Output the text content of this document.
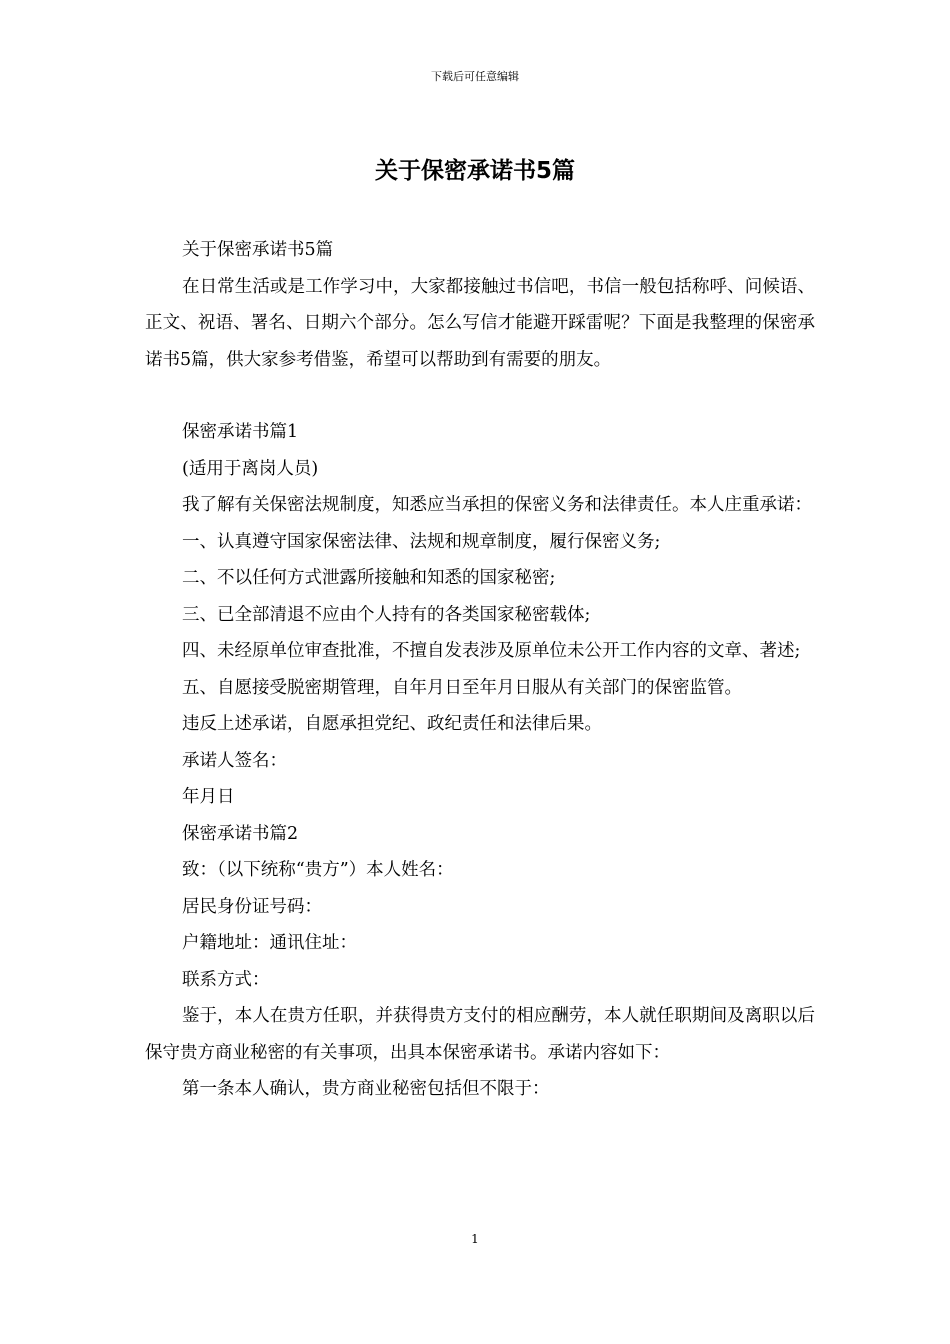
下载后可任意编辑
关于保密承诺书5篇

关于保密承诺书5篇

在日常生活或是工作学习中，大家都接触过书信吧，书信一般包括称呼、问候语、正文、祝语、署名、日期六个部分。怎么写信才能避开踩雷呢？下面是我整理的保密承诺书5篇，供大家参考借鉴，希望可以帮助到有需要的朋友。

保密承诺书篇1

(适用于离岗人员)

我了解有关保密法规制度，知悉应当承担的保密义务和法律责任。本人庄重承诺：

一、认真遵守国家保密法律、法规和规章制度，履行保密义务;

二、不以任何方式泄露所接触和知悉的国家秘密;

三、已全部清退不应由个人持有的各类国家秘密载体;

四、未经原单位审查批准，不擅自发表涉及原单位未公开工作内容的文章、著述;

五、自愿接受脱密期管理，自年月日至年月日服从有关部门的保密监管。

违反上述承诺，自愿承担党纪、政纪责任和法律后果。

承诺人签名：

年月日

保密承诺书篇2

致：（以下统称“贵方”）本人姓名：

居民身份证号码：

户籍地址：通讯住址：

联系方式：

鉴于，本人在贵方任职，并获得贵方支付的相应酬劳，本人就任职期间及离职以后保守贵方商业秘密的有关事项，出具本保密承诺书。承诺内容如下：

第一条本人确认，贵方商业秘密包括但不限于：

1
